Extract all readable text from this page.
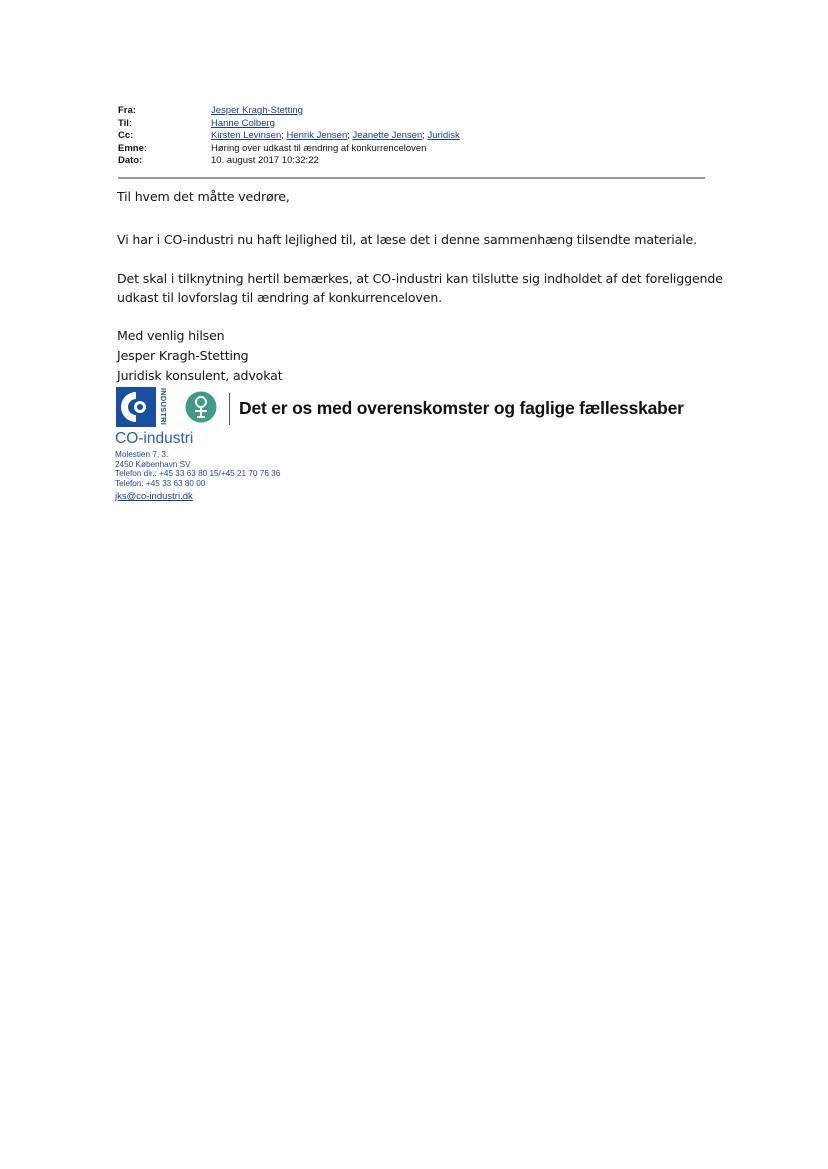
Fra:	Jesper Kragh-Stetting
Til:	Hanne Colberg
Cc:	Kirsten Levinsen; Henrik Jensen; Jeanette Jensen; Juridisk
Emne:	Høring over udkast til ændring af konkurrenceloven
Dato:	10. august 2017 10:32:22
Til hvem det måtte vedrøre,
Vi har i CO-industri nu haft lejlighed til, at læse det i denne sammenhæng tilsendte materiale.
Det skal i tilknytning hertil bemærkes, at CO-industri kan tilslutte sig indholdet af det foreliggende
udkast til lovforslag til ændring af konkurrenceloven.
Med venlig hilsen
Jesper Kragh-Stetting
Juridisk konsulent, advokat
INDUSTRI	Det er os med overenskomster og faglige fællesskaber
CO-industri
Molestien 7, 3.
2450 København SV
Telefon dir.: +45 33 63 80 15/+45 21 70 76 36
Telefon: +45 33 63 80 00
jks@co-industri.dk
